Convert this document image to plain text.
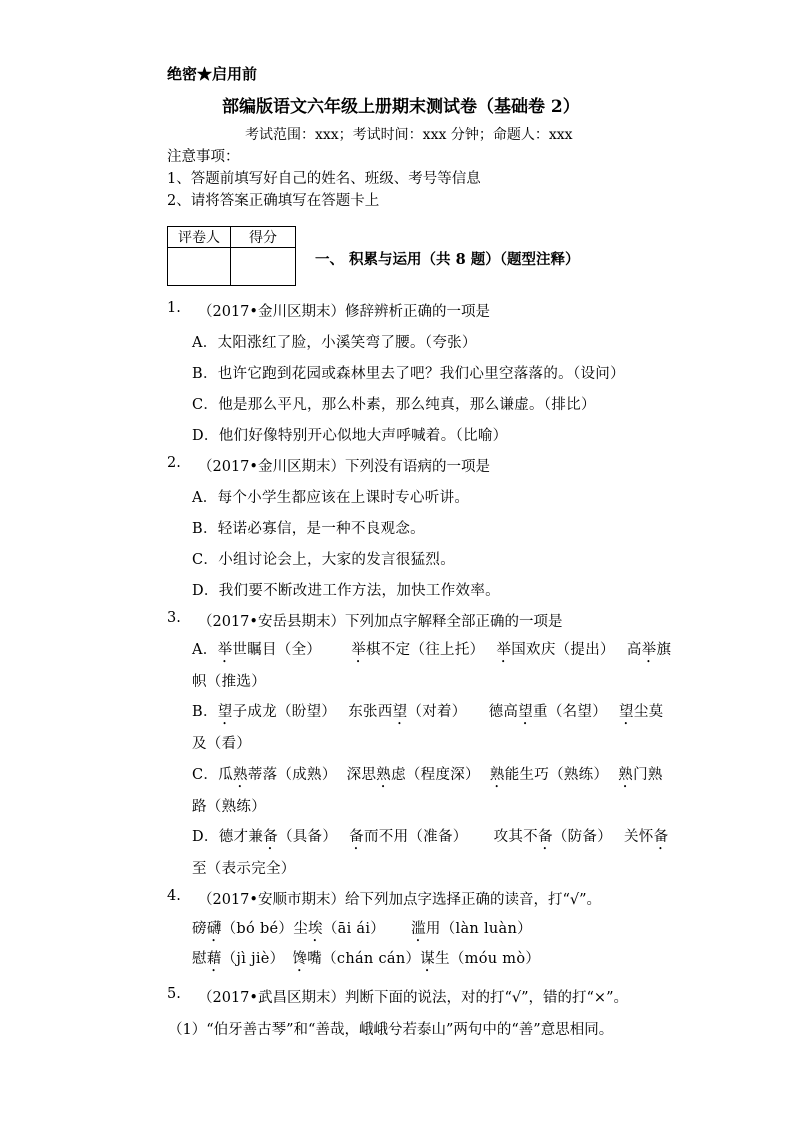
绝密★启用前
部编版语文六年级上册期末测试卷（基础卷 2）
考试范围：xxx；考试时间：xxx 分钟；命题人：xxx
注意事项：
1、答题前填写好自己的姓名、班级、考号等信息
2、请将答案正确填写在答题卡上
评卷人	得分

一、 积累与运用（共 8 题）（题型注释）
1. （2017•金川区期末）修辞辨析正确的一项是
A．太阳涨红了脸，小溪笑弯了腰。（夸张）
B．也许它跑到花园或森林里去了吧？我们心里空落落的。（设问）
C．他是那么平凡，那么朴素，那么纯真，那么谦虚。（排比）
D．他们好像特别开心似地大声呼喊着。（比喻）
2. （2017•金川区期末）下列没有语病的一项是
A．每个小学生都应该在上课时专心听讲。
B．轻诺必寡信，是一种不良观念。
C．小组讨论会上，大家的发言很猛烈。
D．我们要不断改进工作方法，加快工作效率。
3. （2017•安岳县期末）下列加点字解释全部正确的一项是
A．举世瞩目（全） 举棋不定（往上托） 举国欢庆（提出） 高举旗
帜（推选）
B．望子成龙（盼望） 东张西望（对着） 德高望重（名望） 望尘莫
及（看）
C．瓜熟蒂落（成熟） 深思熟虑（程度深） 熟能生巧（熟练） 熟门熟
路（熟练）
D．德才兼备（具备） 备而不用（准备） 攻其不备（防备） 关怀备
至（表示完全）
4. （2017•安顺市期末）给下列加点字选择正确的读音，打“√”。
磅礴（bó bé）尘埃（āi ái） 滥用（làn luàn）
慰藉（jì jiè） 馋嘴（chán cán）谋生（móu mò）
5. （2017•武昌区期末）判断下面的说法，对的打“√”，错的打“×”。
（1）“伯牙善古琴”和“善哉，峨峨兮若泰山”两句中的“善”意思相同。
